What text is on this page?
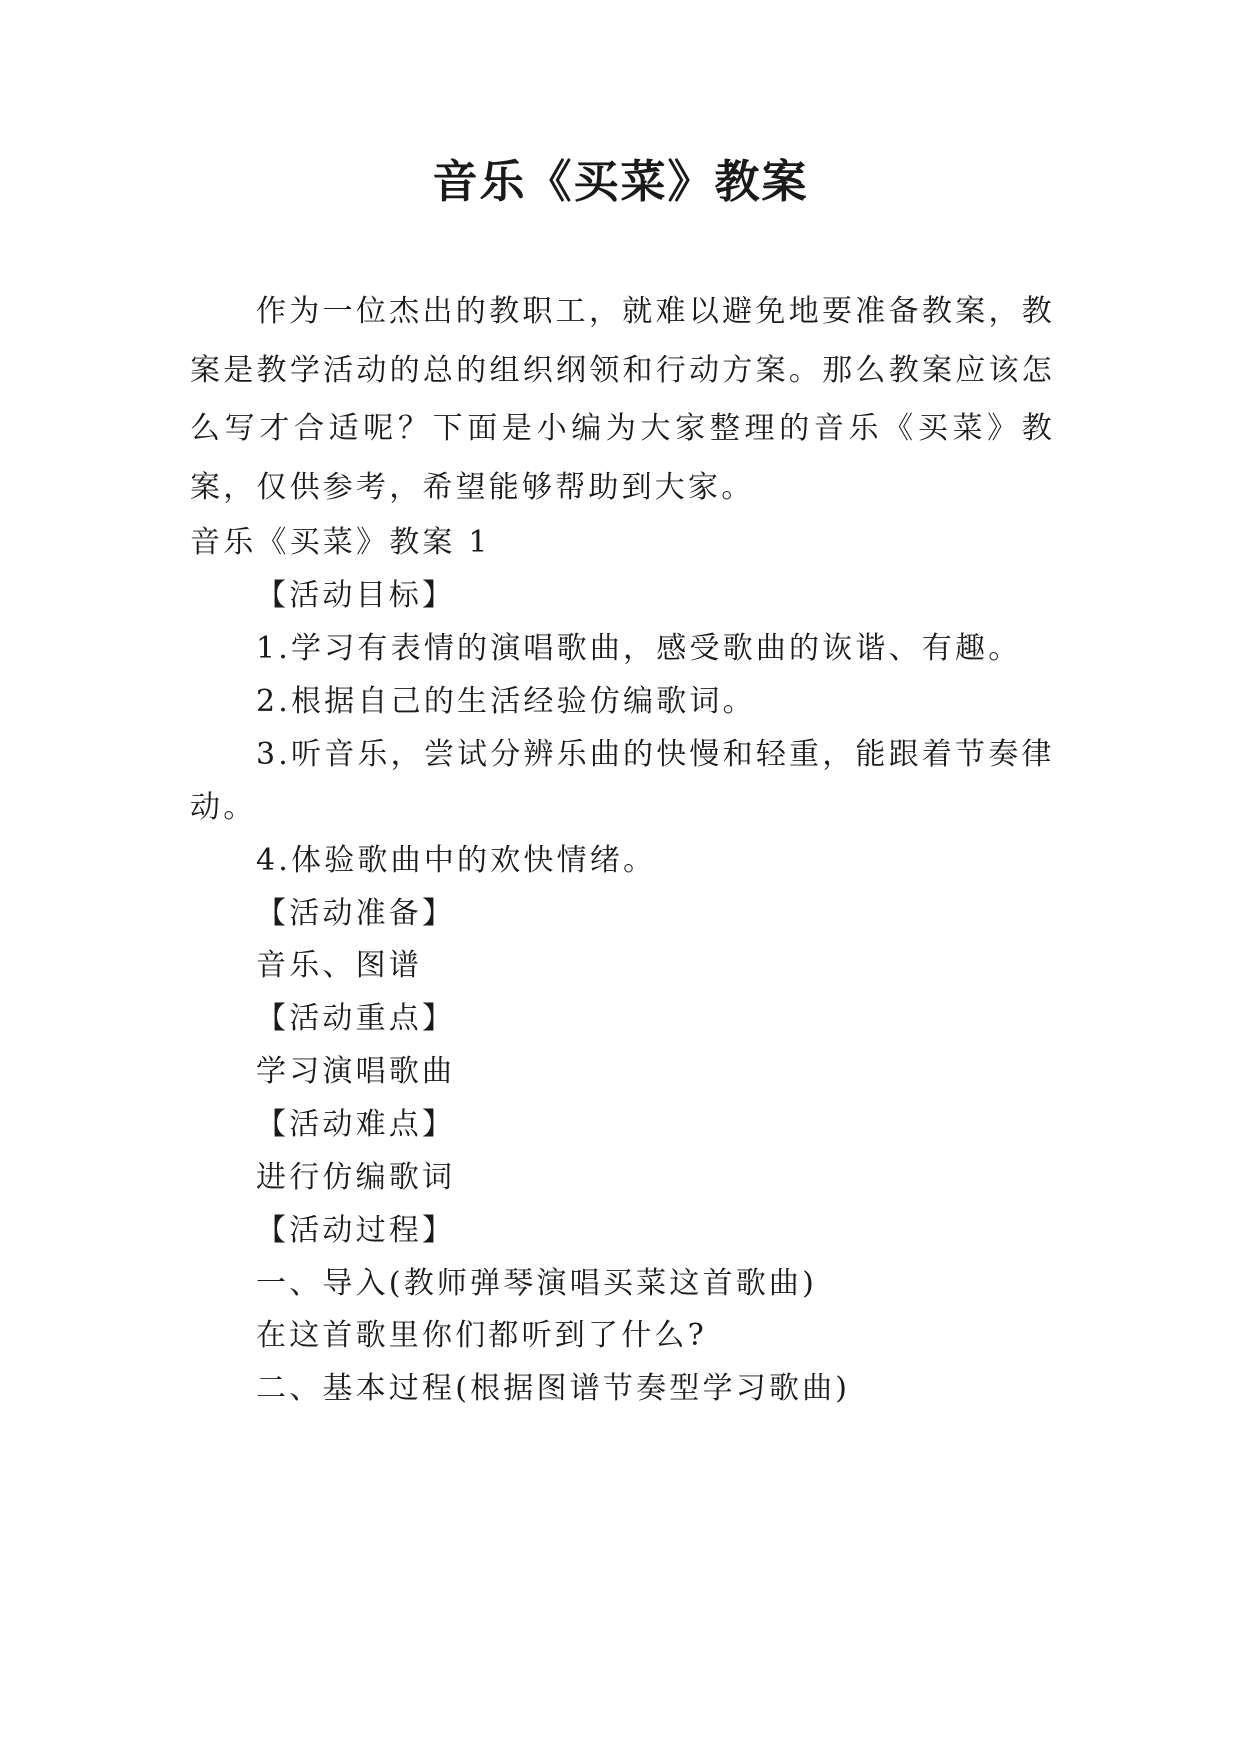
音乐《买菜》教案

作为一位杰出的教职工，就难以避免地要准备教案，教案是教学活动的总的组织纲领和行动方案。那么教案应该怎么写才合适呢？下面是小编为大家整理的音乐《买菜》教案，仅供参考，希望能够帮助到大家。

音乐《买菜》教案 1

【活动目标】

1.学习有表情的演唱歌曲，感受歌曲的诙谐、有趣。

2.根据自己的生活经验仿编歌词。

3.听音乐，尝试分辨乐曲的快慢和轻重，能跟着节奏律

动。

4.体验歌曲中的欢快情绪。

【活动准备】

音乐、图谱

【活动重点】

学习演唱歌曲

【活动难点】

进行仿编歌词

【活动过程】

一、导入(教师弹琴演唱买菜这首歌曲)

在这首歌里你们都听到了什么?

二、基本过程(根据图谱节奏型学习歌曲)
